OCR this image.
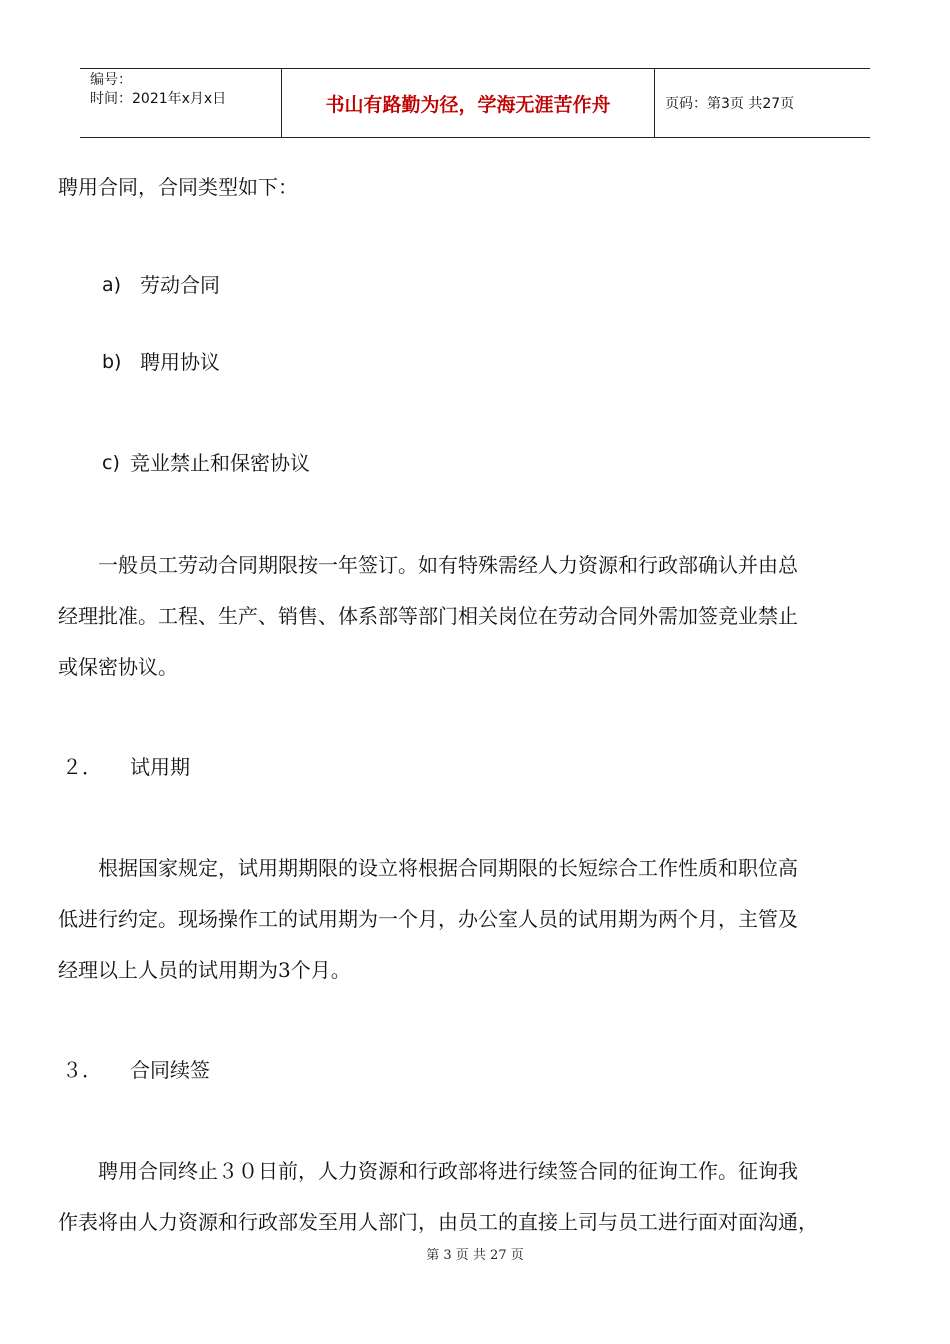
编号：
时间：2021年x月x日	书山有路勤为径，学海无涯苦作舟	页码：第3页 共27页
聘用合同，合同类型如下：
a) 劳动合同
b) 聘用协议
c) 竞业禁止和保密协议
一般员工劳动合同期限按一年签订。如有特殊需经人力资源和行政部确认并由总
经理批准。工程、生产、销售、体系部等部门相关岗位在劳动合同外需加签竞业禁止
或保密协议。
２． 试用期
根据国家规定，试用期期限的设立将根据合同期限的长短综合工作性质和职位高
低进行约定。现场操作工的试用期为一个月，办公室人员的试用期为两个月，主管及
经理以上人员的试用期为3个月。
３． 合同续签
聘用合同终止３０日前，人力资源和行政部将进行续签合同的征询工作。征询我
作表将由人力资源和行政部发至用人部门，由员工的直接上司与员工进行面对面沟通，
第 3 页 共 27 页
